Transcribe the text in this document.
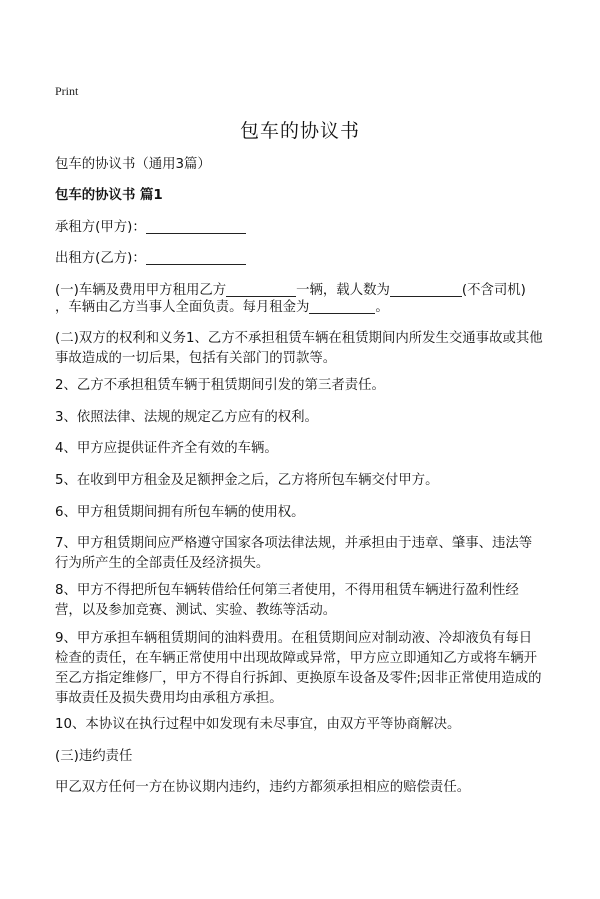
Print
包车的协议书
包车的协议书（通用3篇）
包车的协议书 篇1
承租方(甲方)：
出租方(乙方)：
(一)车辆及费用甲方租用乙方	一辆，载人数为	(不含司机)
，车辆由乙方当事人全面负责。每月租金为	。
(二)双方的权利和义务1、乙方不承担租赁车辆在租赁期间内所发生交通事故或其他事故造成的一切后果，包括有关部门的罚款等。
2、乙方不承担租赁车辆于租赁期间引发的第三者责任。
3、依照法律、法规的规定乙方应有的权利。
4、甲方应提供证件齐全有效的车辆。
5、在收到甲方租金及足额押金之后，乙方将所包车辆交付甲方。
6、甲方租赁期间拥有所包车辆的使用权。
7、甲方租赁期间应严格遵守国家各项法律法规，并承担由于违章、肇事、违法等行为所产生的全部责任及经济损失。
8、甲方不得把所包车辆转借给任何第三者使用，不得用租赁车辆进行盈利性经营，以及参加竞赛、测试、实验、教练等活动。
9、甲方承担车辆租赁期间的油料费用。在租赁期间应对制动液、冷却液负有每日检查的责任，在车辆正常使用中出现故障或异常，甲方应立即通知乙方或将车辆开至乙方指定维修厂，甲方不得自行拆卸、更换原车设备及零件;因非正常使用造成的事故责任及损失费用均由承租方承担。
10、本协议在执行过程中如发现有未尽事宜，由双方平等协商解决。
(三)违约责任
甲乙双方任何一方在协议期内违约，违约方都须承担相应的赔偿责任。
